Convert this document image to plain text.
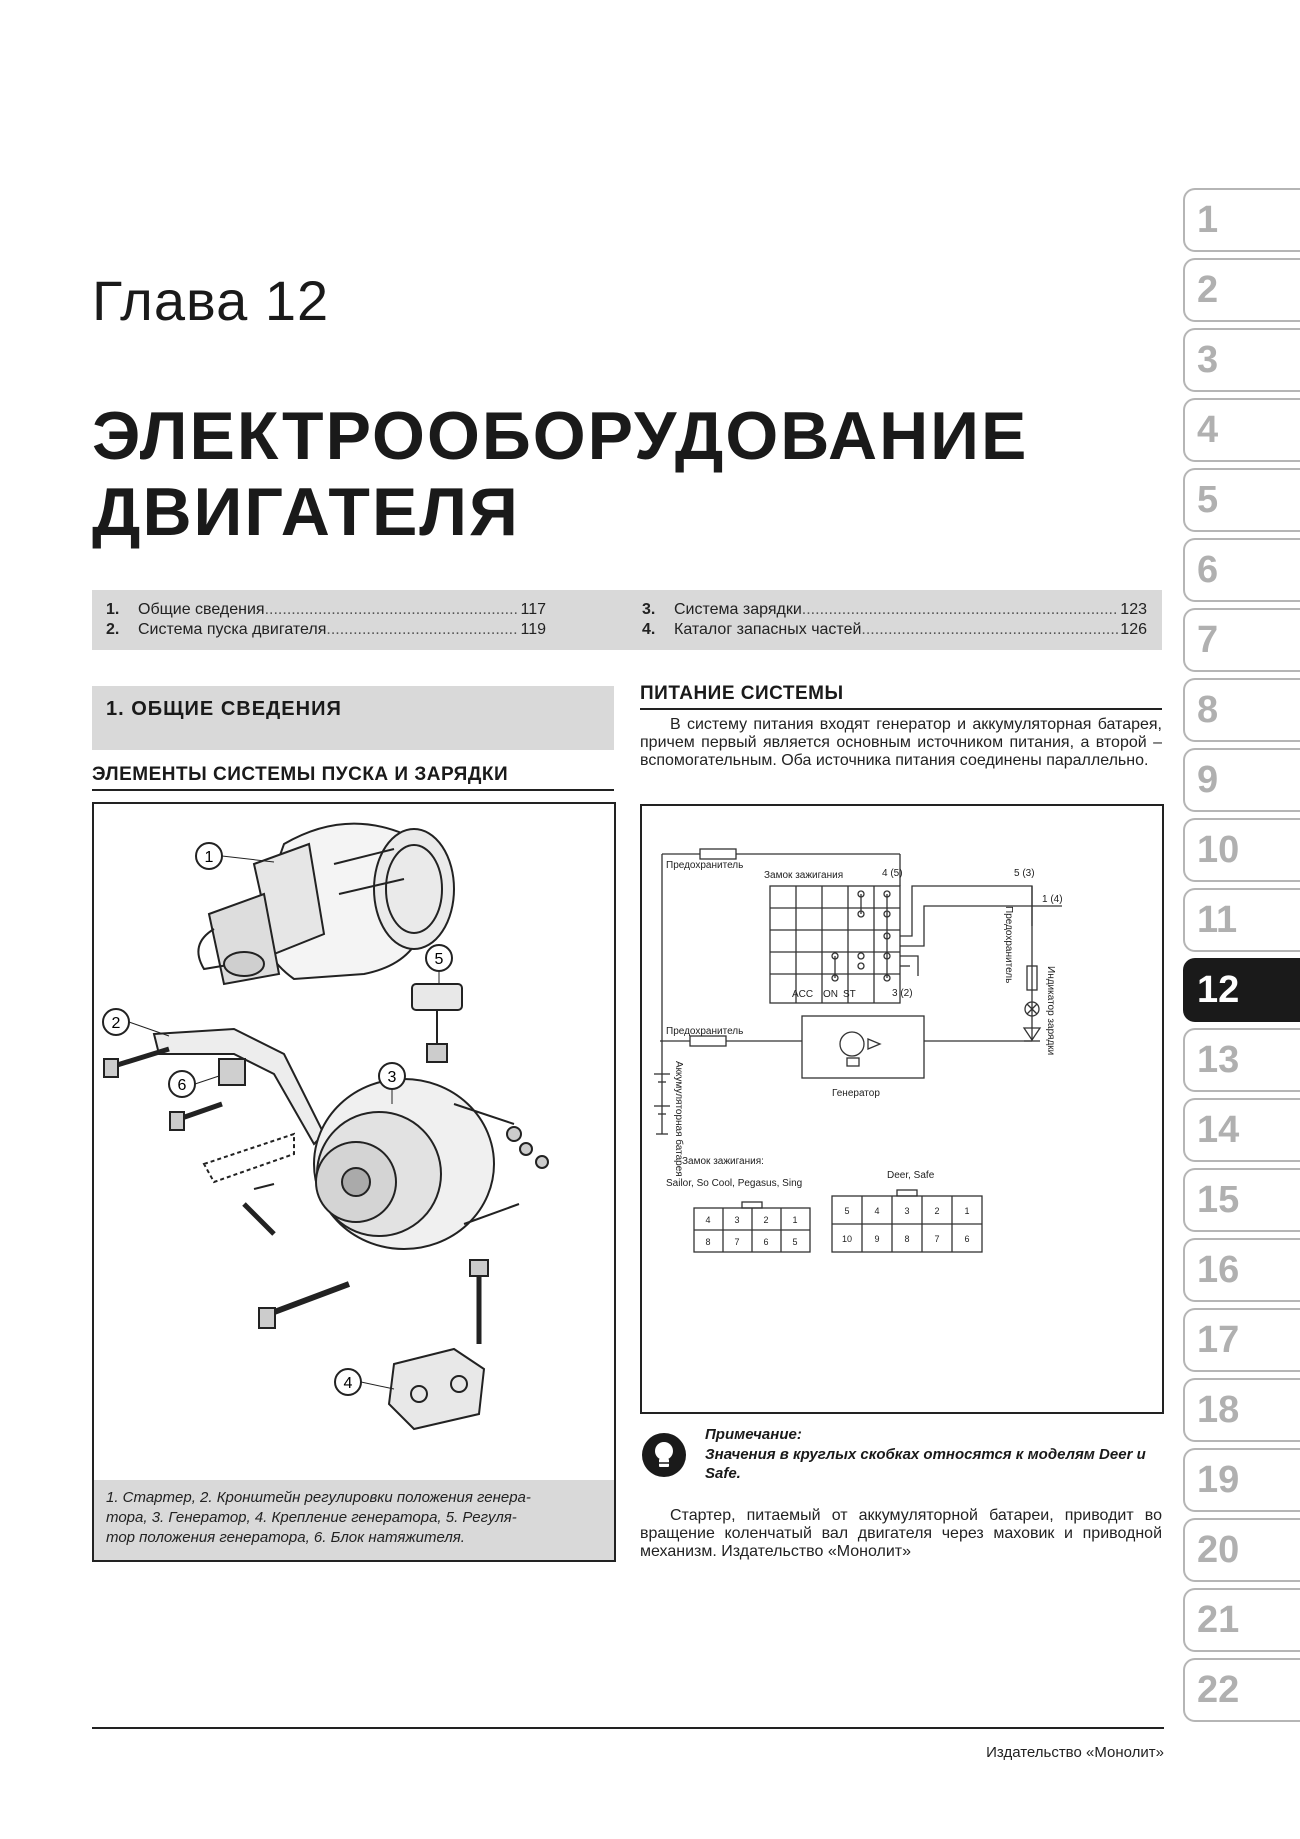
Глава 12
ЭЛЕКТРООБОРУДОВАНИЕ
ДВИГАТЕЛЯ
1.	Общие сведения .....	117
2.	Система пуска двигателя .....	119
3.	Система зарядки .....	123
4.	Каталог запасных частей .....	126
1. ОБЩИЕ СВЕДЕНИЯ
ЭЛЕМЕНТЫ СИСТЕМЫ ПУСКА И ЗАРЯДКИ
1
2
3
4
5
6
1. Стартер, 2. Кронштейн регулировки положения генера-
тора, 3. Генератор, 4. Крепление генератора, 5. Регуля-
тор положения генератора, 6. Блок натяжителя.
ПИТАНИЕ СИСТЕМЫ
В систему питания входят генератор и аккумуляторная батарея, причем первый является основным источником питания, а второй – вспомогательным. Оба источника питания соединены параллельно.
Предохранитель
Замок зажигания	4 (5)	5 (3)
1 (4)
3 (2)
ACC ON ST
Предохранитель
Генератор
Замок зажигания:
Sailor, So Cool, Pegasus, Sing
Deer, Safe
Предохранитель
Индикатор зарядки
Аккумуляторная батарея
4	3	2	1
8	7	6	5
5	4	3	2	1
10 9	8	7	6
Примечание:
Значения в круглых скобках относятся к моделям Deer и Safe.
Стартер, питаемый от аккумуляторной батареи, приводит во вращение коленчатый вал двигателя через маховик и приводной механизм. Издательство «Монолит»
Издательство «Монолит»
1
2
3
4
5
6
7
8
9
10
11
12
13
14
15
16
17
18
19
20
21
22
